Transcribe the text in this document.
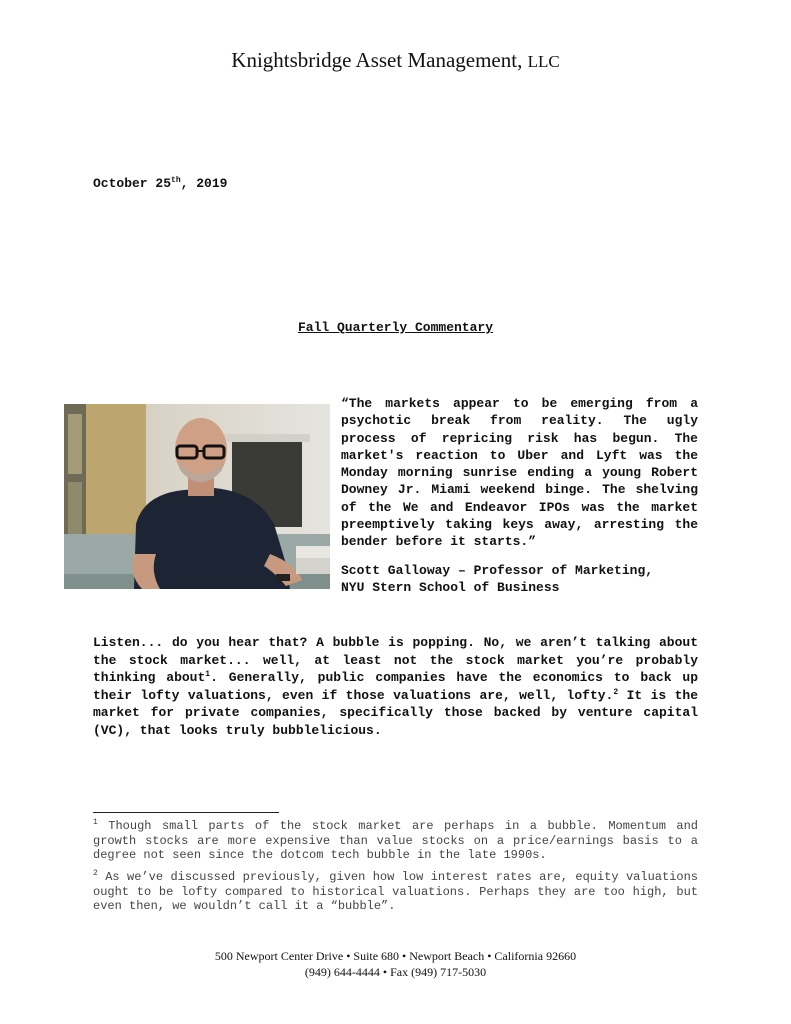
Knightsbridge Asset Management, LLC
October 25th, 2019
Fall Quarterly Commentary

“The markets appear to be emerging from a psychotic break from reality. The ugly process of repricing risk has begun. The market's reaction to Uber and Lyft was the Monday morning sunrise ending a young Robert Downey Jr. Miami weekend binge. The shelving of the We and Endeavor IPOs was the market preemptively taking keys away, arresting the bender before it starts.”

Scott Galloway – Professor of Marketing,
NYU Stern School of Business

Listen... do you hear that? A bubble is popping. No, we aren’t talking about the stock market... well, at least not the stock market you’re probably thinking about$^1$. Generally, public companies have the economics to back up their lofty valuations, even if those valuations are, well, lofty.$^2$ It is the market for private companies, specifically those backed by venture capital (VC), that looks truly bubblelicious.

$^1$ Though small parts of the stock market are perhaps in a bubble. Momentum and growth stocks are more expensive than value stocks on a price/earnings basis to a degree not seen since the dotcom tech bubble in the late 1990s.

$^2$ As we’ve discussed previously, given how low interest rates are, equity valuations ought to be lofty compared to historical valuations. Perhaps they are too high, but even then, we wouldn’t call it a “bubble”.

500 Newport Center Drive • Suite 680 • Newport Beach • California 92660
(949) 644-4444 • Fax (949) 717-5030
